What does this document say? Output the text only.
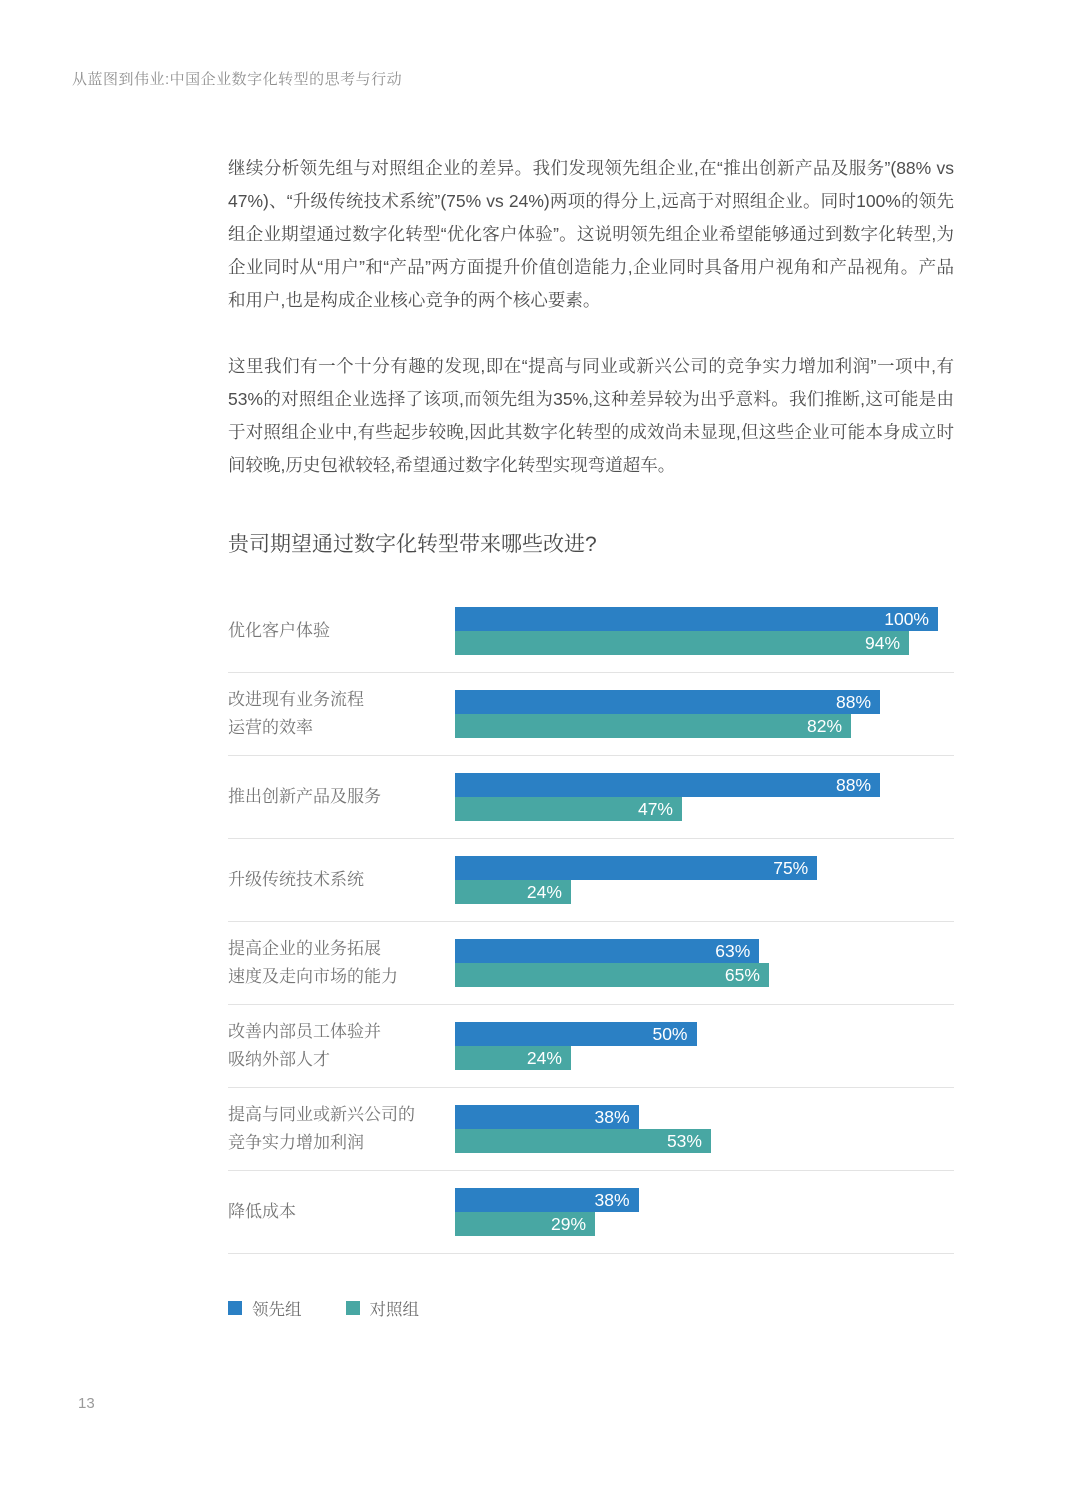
从蓝图到伟业:中国企业数字化转型的思考与行动

继续分析领先组与对照组企业的差异。我们发现领先组企业,在“推出创新产品及服务”(88% vs 47%)、“升级传统技术系统”(75% vs 24%)两项的得分上,远高于对照组企业。同时100%的领先组企业期望通过数字化转型“优化客户体验”。这说明领先组企业希望能够通过到数字化转型,为企业同时从“用户”和“产品”两方面提升价值创造能力,企业同时具备用户视角和产品视角。产品和用户,也是构成企业核心竞争的两个核心要素。

这里我们有一个十分有趣的发现,即在“提高与同业或新兴公司的竞争实力增加利润”一项中,有53%的对照组企业选择了该项,而领先组为35%,这种差异较为出乎意料。我们推断,这可能是由于对照组企业中,有些起步较晚,因此其数字化转型的成效尚未显现,但这些企业可能本身成立时间较晚,历史包袱较轻,希望通过数字化转型实现弯道超车。

贵司期望通过数字化转型带来哪些改进?
优化客户体验
100%
94%
改进现有业务流程
运营的效率
88%
82%
推出创新产品及服务
88%
47%
升级传统技术系统
75%
24%
提高企业的业务拓展
速度及走向市场的能力
63%
65%
改善内部员工体验并
吸纳外部人才
50%
24%
提高与同业或新兴公司的
竞争实力增加利润
38%
53%
降低成本
38%
29%
领先组	对照组
13
